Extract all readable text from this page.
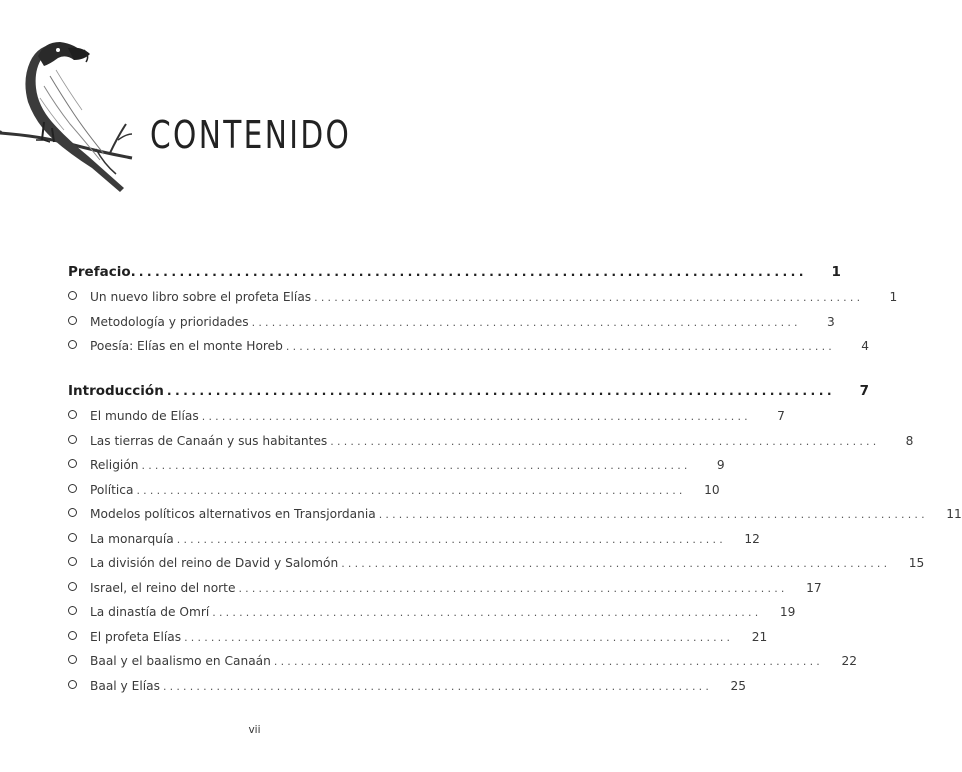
CONTENIDO
Prefacio. ..................................................................................	1
Un nuevo libro sobre el profeta Elías ..................................................................................	1
Metodología y prioridades ..................................................................................	3
Poesía: Elías en el monte Horeb ..................................................................................	4
Introducción ..................................................................................	7
El mundo de Elías ..................................................................................	7
Las tierras de Canaán y sus habitantes ..................................................................................	8
Religión ..................................................................................	9
Política ..................................................................................	10
Modelos políticos alternativos en Transjordania ..................................................................................	11
La monarquía ..................................................................................	12
La división del reino de David y Salomón ..................................................................................	15
Israel, el reino del norte ..................................................................................	17
La dinastía de Omrí ..................................................................................	19
El profeta Elías ..................................................................................	21
Baal y el baalismo en Canaán ..................................................................................	22
Baal y Elías ..................................................................................	25
vii
